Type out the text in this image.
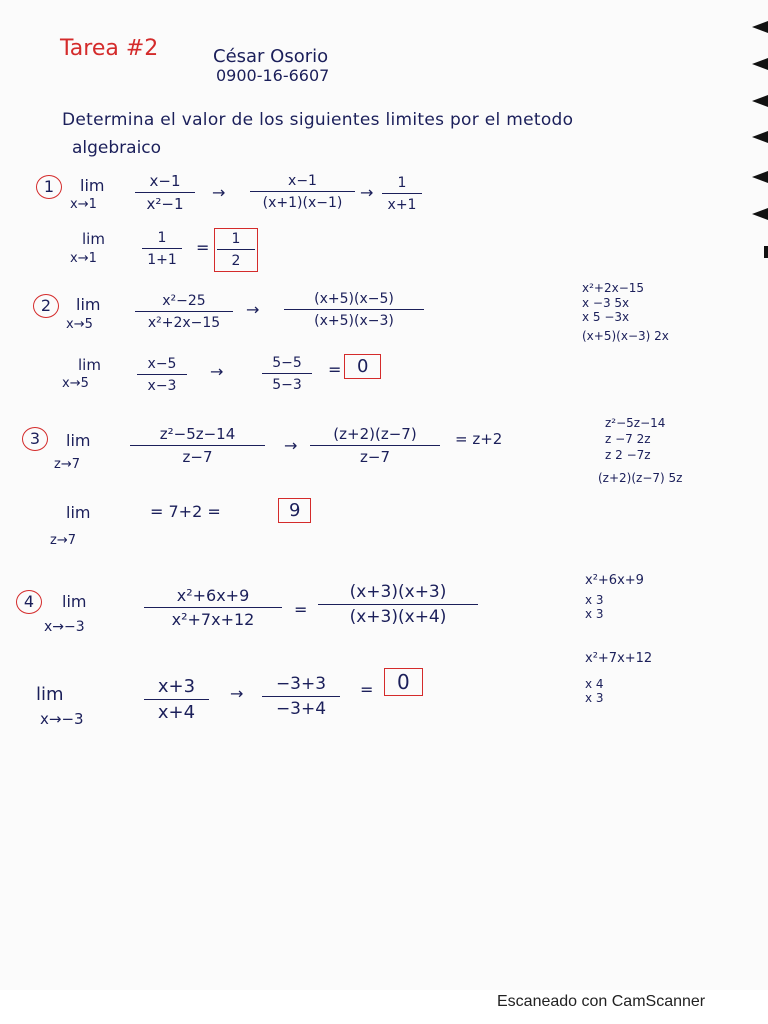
Tarea #2	César Osorio
0900-16-6607
Determina el valor de los siguientes limites por el metodo
algebraico
1	lim
x→1
x−1
x²−1
→
x−1
(x+1)(x−1)
→	1
x+1
lim
x→1
1
1+1
=	1
2
2	lim
x→5
x²−25
x²+2x−15
→
(x+5)(x−5)
(x+5)(x−3)
lim
x→5
x−5
x−3
→	5−5
5−3
= 0
x²+2x−15
x −3 5x
x 5 −3x
(x+5)(x−3) 2x
3	lim
z→7
z²−5z−14
z−7
→
(z+2)(z−7)
z−7
= z+2
lim
z→7
= 7+2 =	9
z²−5z−14
z −7 2z
z 2 −7z
(z+2)(z−7) 5z
4	lim
x→−3
x²+6x+9
x²+7x+12
=
(x+3)(x+3)
(x+3)(x+4)
lim
x→−3
x+3
x+4
→	−3+3
−3+4
=	0
x²+6x+9
x 3
x 3
x²+7x+12
x 4
x 3
Escaneado con CamScanner
